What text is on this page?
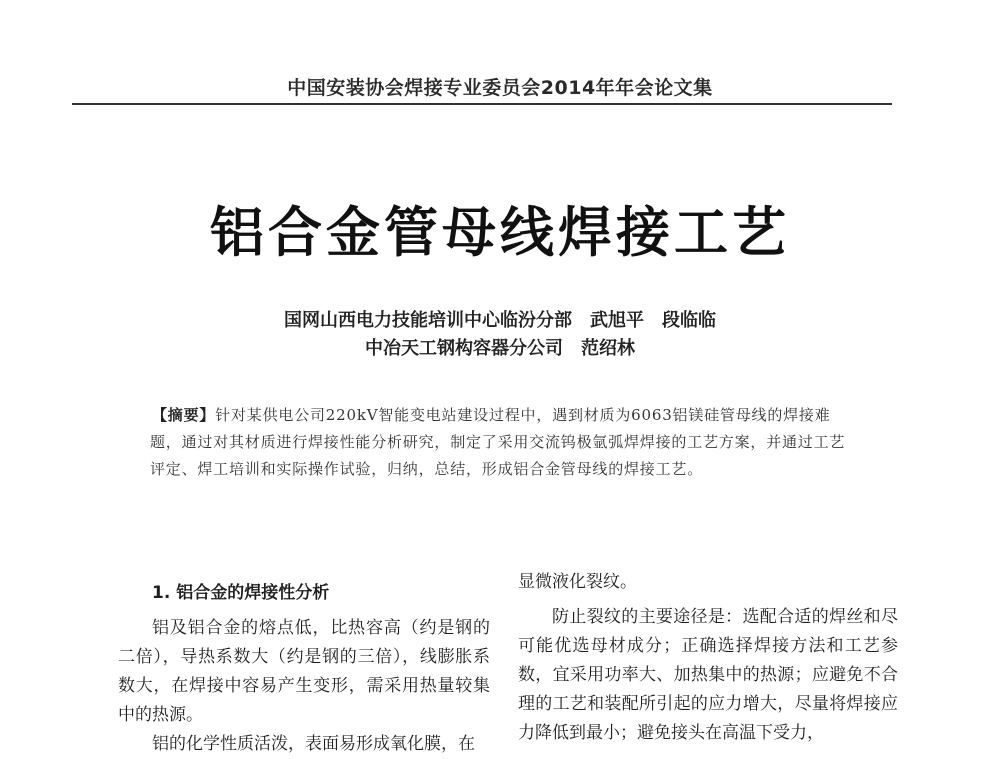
中国安装协会焊接专业委员会2014年年会论文集
铝合金管母线焊接工艺
国网山西电力技能培训中心临汾分部 武旭平 段临临
中冶天工钢构容器分公司 范绍林
【摘要】针对某供电公司220kV智能变电站建设过程中，遇到材质为6063铝镁硅管母线的焊接难题，通过对其材质进行焊接性能分析研究，制定了采用交流钨极氩弧焊焊接的工艺方案，并通过工艺评定、焊工培训和实际操作试验，归纳，总结，形成铝合金管母线的焊接工艺。
1. 铝合金的焊接性分析

铝及铝合金的熔点低，比热容高（约是钢的二倍），导热系数大（约是钢的三倍），线膨胀系数大，在焊接中容易产生变形，需采用热量较集中的热源。

铝的化学性质活泼，表面易形成氧化膜，在

显微液化裂纹。

防止裂纹的主要途径是：选配合适的焊丝和尽可能优选母材成分；正确选择焊接方法和工艺参数，宜采用功率大、加热集中的热源；应避免不合理的工艺和装配所引起的应力增大，尽量将焊接应力降低到最小；避免接头在高温下受力，
